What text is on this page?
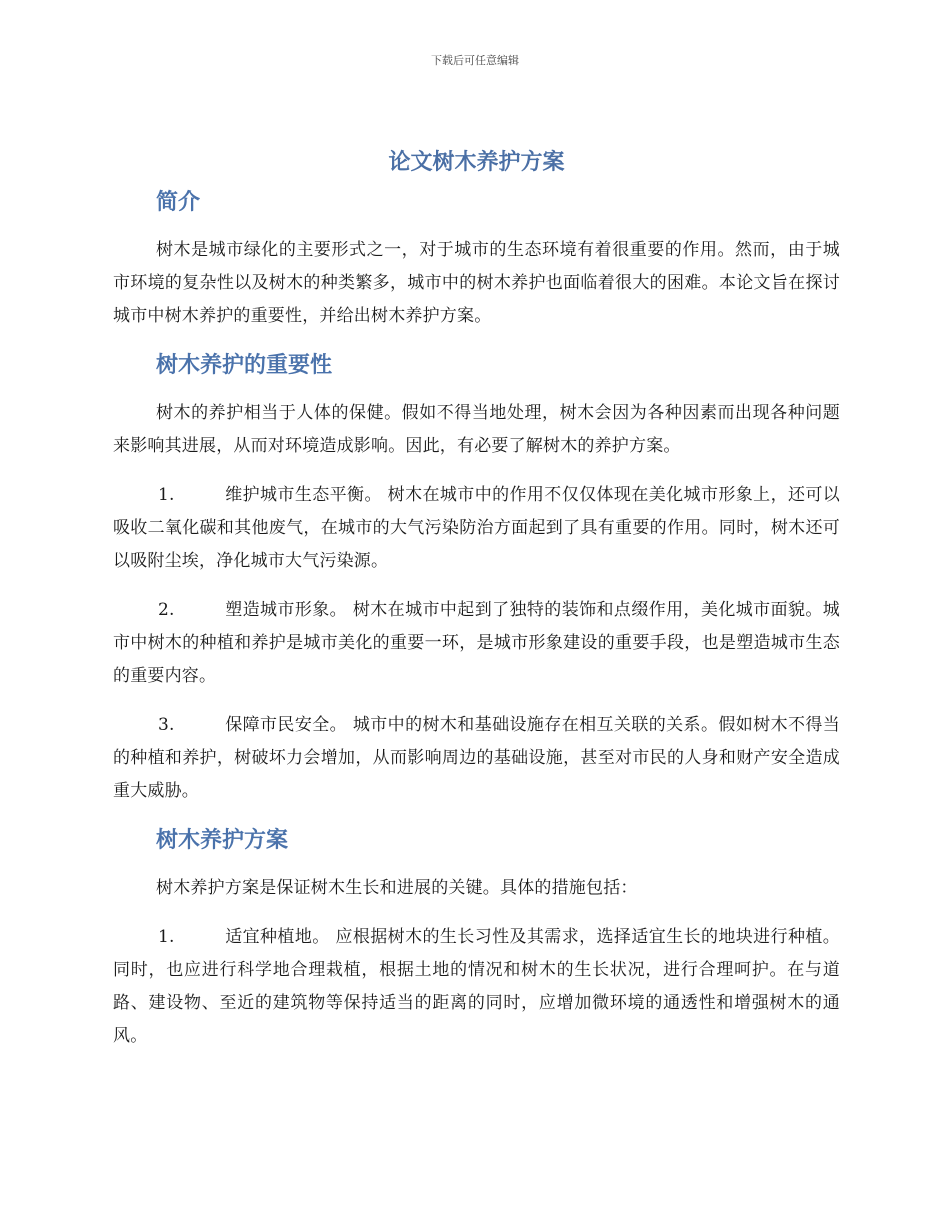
下载后可任意编辑
论文树木养护方案
简介

树木是城市绿化的主要形式之一，对于城市的生态环境有着很重要的作用。然而，由于城市环境的复杂性以及树木的种类繁多，城市中的树木养护也面临着很大的困难。本论文旨在探讨城市中树木养护的重要性，并给出树木养护方案。

树木养护的重要性

树木的养护相当于人体的保健。假如不得当地处理，树木会因为各种因素而出现各种问题来影响其进展，从而对环境造成影响。因此，有必要了解树木的养护方案。

1.	维护城市生态平衡。 树木在城市中的作用不仅仅体现在美化城市形象上，还可以吸收二氧化碳和其他废气，在城市的大气污染防治方面起到了具有重要的作用。同时，树木还可以吸附尘埃，净化城市大气污染源。
2.	塑造城市形象。 树木在城市中起到了独特的装饰和点缀作用，美化城市面貌。城市中树木的种植和养护是城市美化的重要一环，是城市形象建设的重要手段，也是塑造城市生态的重要内容。
3.	保障市民安全。 城市中的树木和基础设施存在相互关联的关系。假如树木不得当的种植和养护，树破坏力会增加，从而影响周边的基础设施，甚至对市民的人身和财产安全造成重大威胁。
树木养护方案

树木养护方案是保证树木生长和进展的关键。具体的措施包括：

1.	适宜种植地。 应根据树木的生长习性及其需求，选择适宜生长的地块进行种植。同时，也应进行科学地合理栽植，根据土地的情况和树木的生长状况，进行合理呵护。在与道路、建设物、至近的建筑物等保持适当的距离的同时，应增加微环境的通透性和增强树木的通风。
